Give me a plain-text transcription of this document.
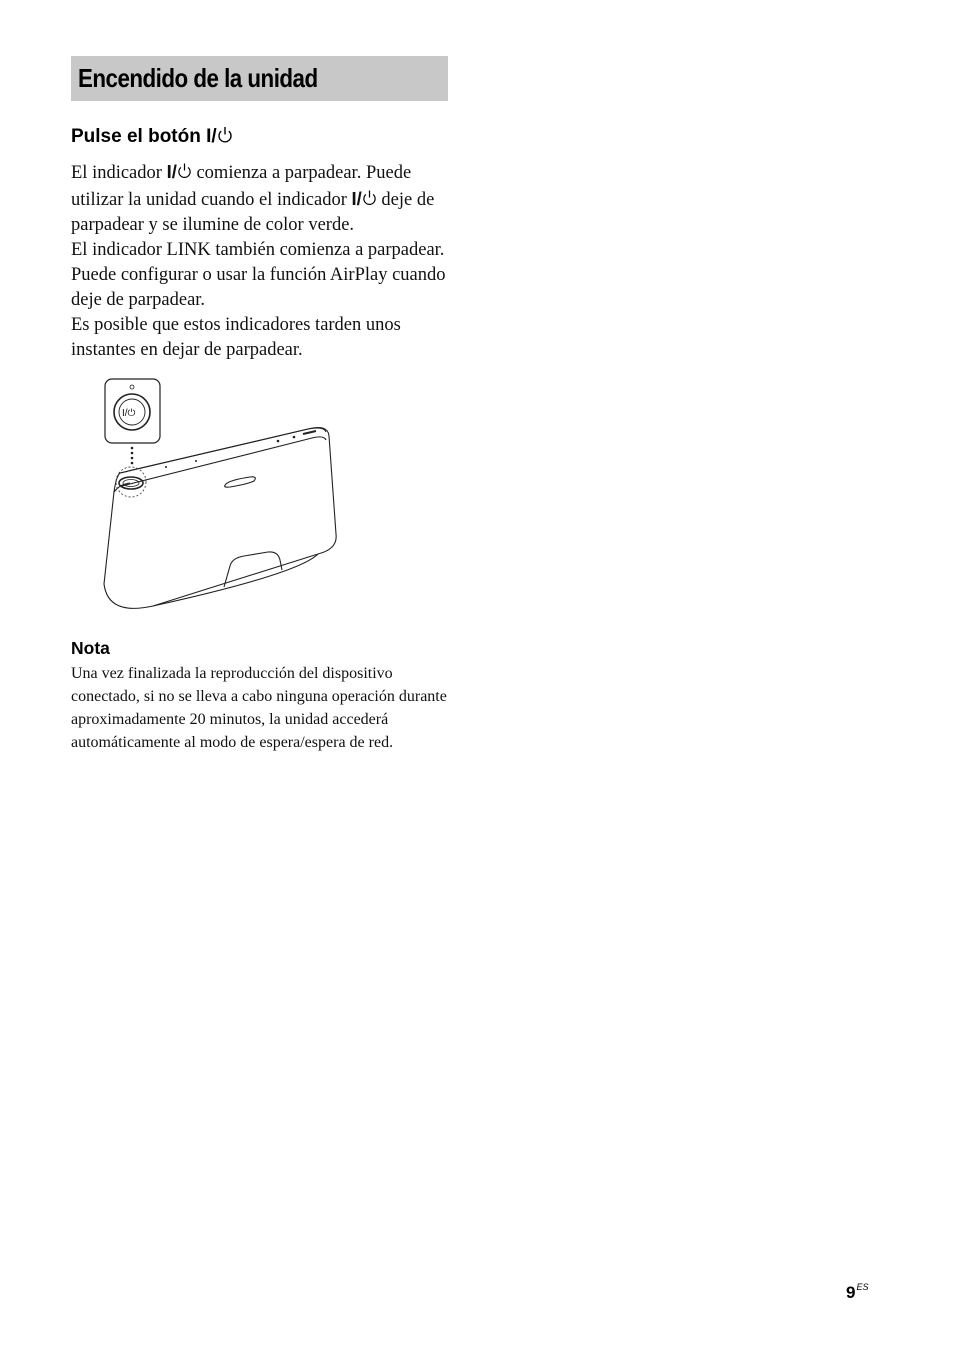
Encendido de la unidad
Pulse el botón I/

El indicador I/ comienza a parpadear. Puede utilizar la unidad cuando el indicador I/ deje de parpadear y se ilumine de color verde.

El indicador LINK también comienza a parpadear. Puede configurar o usar la función AirPlay cuando deje de parpadear.

Es posible que estos indicadores tarden unos instantes en dejar de parpadear.

I/⏻
Nota
Una vez finalizada la reproducción del dispositivo conectado, si no se lleva a cabo ninguna operación durante aproximadamente 20 minutos, la unidad accederá automáticamente al modo de espera/espera de red.
$9^{ES}$
